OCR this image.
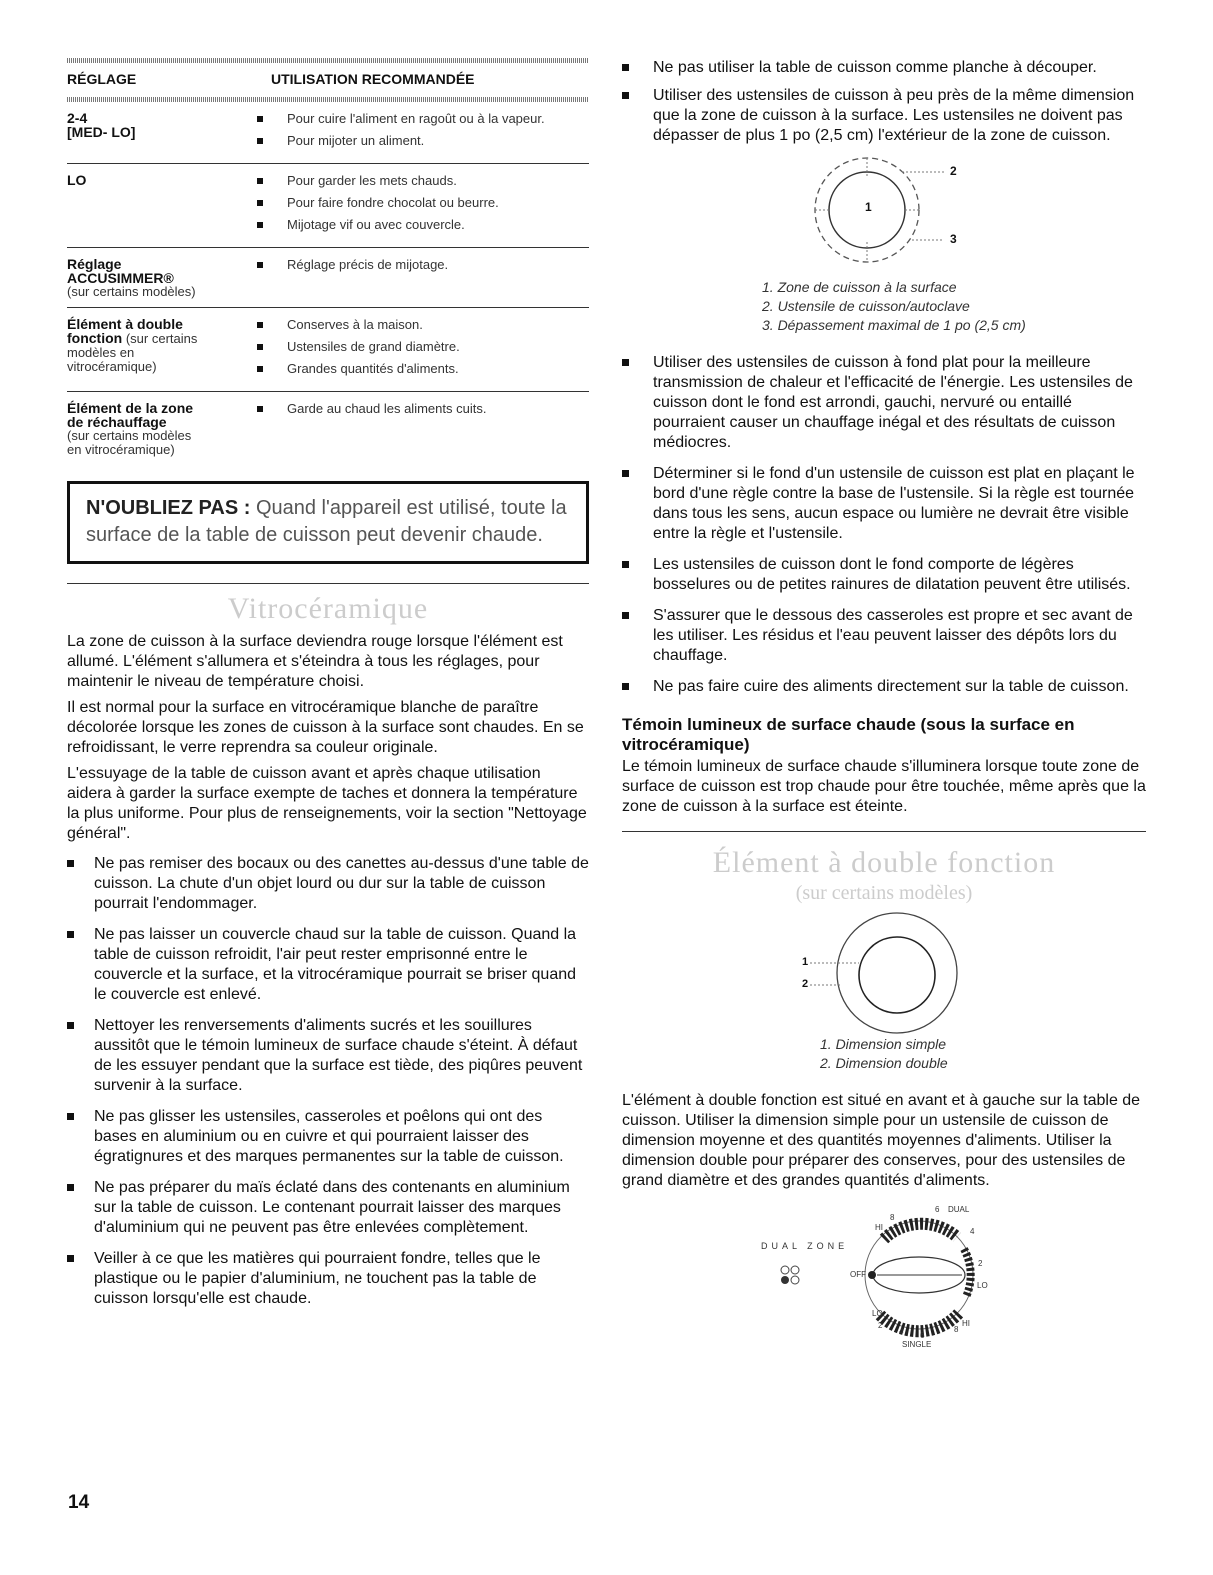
RÉGLAGE	UTILISATION RECOMMANDÉE
2-4
[MED- LO]
Pour cuire l'aliment en ragoût ou à la vapeur.
Pour mijoter un aliment.
LO	Pour garder les mets chauds.
Pour faire fondre chocolat ou beurre.
Mijotage vif ou avec couvercle.
Réglage
ACCUSIMMER®
(sur certains modèles)
Réglage précis de mijotage.
Élément à double
fonction (sur certains
modèles en
vitrocéramique)
Conserves à la maison.
Ustensiles de grand diamètre.
Grandes quantités d'aliments.
Élément de la zone
de réchauffage
(sur certains modèles
en vitrocéramique)
Garde au chaud les aliments cuits.
N'OUBLIEZ PAS : Quand l'appareil est utilisé, toute la surface de la table de cuisson peut devenir chaude.
Vitrocéramique

La zone de cuisson à la surface deviendra rouge lorsque l'élément est allumé. L'élément s'allumera et s'éteindra à tous les réglages, pour maintenir le niveau de température choisi.

Il est normal pour la surface en vitrocéramique blanche de paraître décolorée lorsque les zones de cuisson à la surface sont chaudes. En se refroidissant, le verre reprendra sa couleur originale.

L'essuyage de la table de cuisson avant et après chaque utilisation aidera à garder la surface exempte de taches et donnera la température la plus uniforme. Pour plus de renseignements, voir la section "Nettoyage général".

Ne pas remiser des bocaux ou des canettes au-dessus d'une table de cuisson. La chute d'un objet lourd ou dur sur la table de cuisson pourrait l'endommager.
Ne pas laisser un couvercle chaud sur la table de cuisson. Quand la table de cuisson refroidit, l'air peut rester emprisonné entre le couvercle et la surface, et la vitrocéramique pourrait se briser quand le couvercle est enlevé.
Nettoyer les renversements d'aliments sucrés et les souillures aussitôt que le témoin lumineux de surface chaude s'éteint. À défaut de les essuyer pendant que la surface est tiède, des piqûres peuvent survenir à la surface.
Ne pas glisser les ustensiles, casseroles et poêlons qui ont des bases en aluminium ou en cuivre et qui pourraient laisser des égratignures et des marques permanentes sur la table de cuisson.
Ne pas préparer du maïs éclaté dans des contenants en aluminium sur la table de cuisson. Le contenant pourrait laisser des marques d'aluminium qui ne peuvent pas être enlevées complètement.
Veiller à ce que les matières qui pourraient fondre, telles que le plastique ou le papier d'aluminium, ne touchent pas la table de cuisson lorsqu'elle est chaude.
Ne pas utiliser la table de cuisson comme planche à découper.
Utiliser des ustensiles de cuisson à peu près de la même dimension que la zone de cuisson à la surface. Les ustensiles ne doivent pas dépasser de plus 1 po (2,5 cm) l'extérieur de la zone de cuisson.
1
2
3
1. Zone de cuisson à la surface
2. Ustensile de cuisson/autoclave
3. Dépassement maximal de 1 po (2,5 cm)
Utiliser des ustensiles de cuisson à fond plat pour la meilleure transmission de chaleur et l'efficacité de l'énergie. Les ustensiles de cuisson dont le fond est arrondi, gauchi, nervuré ou entaillé pourraient causer un chauffage inégal et des résultats de cuisson médiocres.
Déterminer si le fond d'un ustensile de cuisson est plat en plaçant le bord d'une règle contre la base de l'ustensile. Si la règle est tournée dans tous les sens, aucun espace ou lumière ne devrait être visible entre la règle et l'ustensile.
Les ustensiles de cuisson dont le fond comporte de légères bosselures ou de petites rainures de dilatation peuvent être utilisés.
S'assurer que le dessous des casseroles est propre et sec avant de les utiliser. Les résidus et l'eau peuvent laisser des dépôts lors du chauffage.
Ne pas faire cuire des aliments directement sur la table de cuisson.
Témoin lumineux de surface chaude (sous la surface en vitrocéramique)

Le témoin lumineux de surface chaude s'illuminera lorsque toute zone de surface de cuisson est trop chaude pour être touchée, même après que la zone de cuisson à la surface est éteinte.

Élément à double fonction
(sur certains modèles)
1
2
1. Dimension simple
2. Dimension double

L'élément à double fonction est situé en avant et à gauche sur la table de cuisson. Utiliser la dimension simple pour un ustensile de cuisson de dimension moyenne et des quantités moyennes d'aliments. Utiliser la dimension double pour préparer des conserves, pour des ustensiles de grand diamètre et des grandes quantités d'aliments.

DUAL ZONE
OFF
DUAL
SINGLE
HI
HI
LO
LO
8
6
4
2
2
4 6
8
14
